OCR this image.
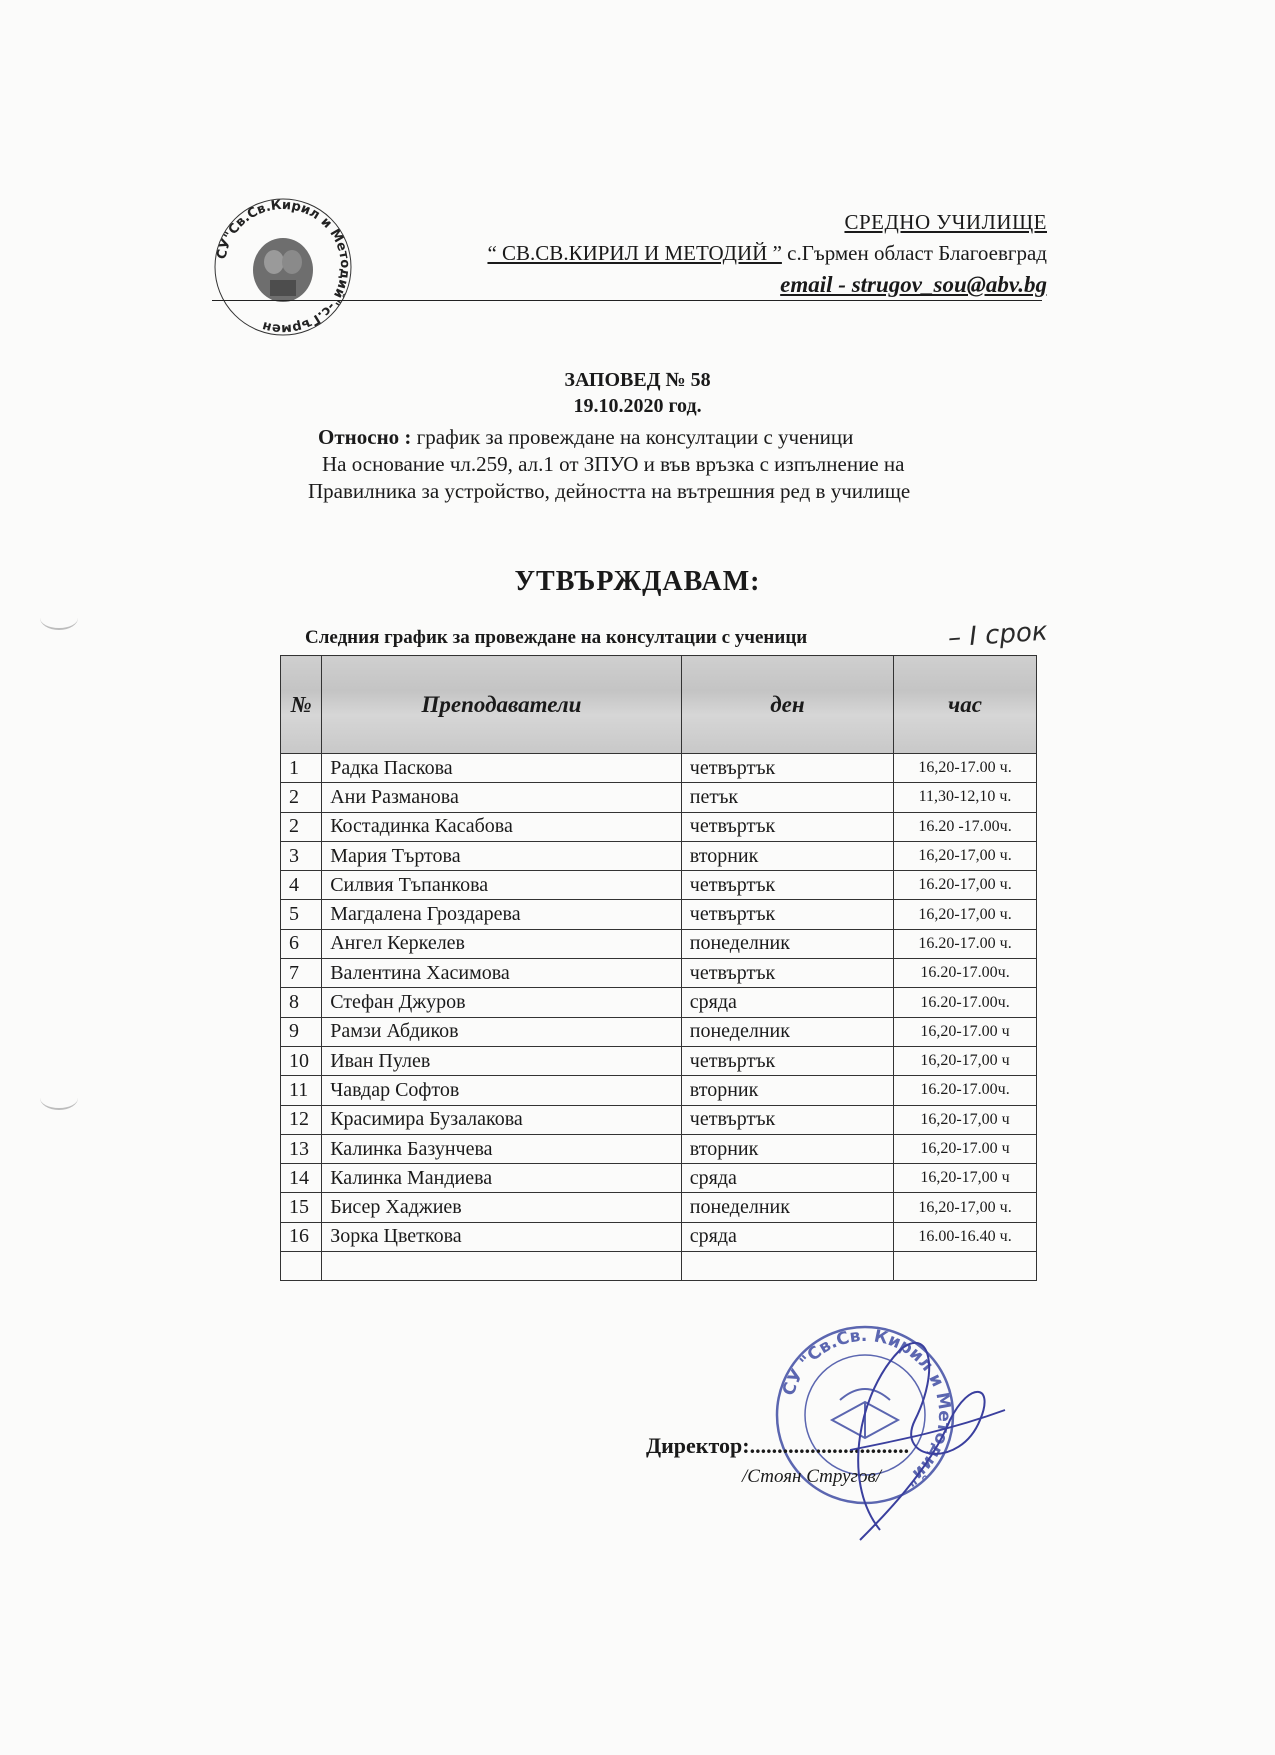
СУ"Св.Св.Кирил и Методий"-с.Гърмен
СРЕДНО УЧИЛИЩЕ
“ СВ.СВ.КИРИЛ И МЕТОДИЙ ” с.Гърмен област Благоевград
email - strugov_sou@abv.bg
ЗАПОВЕД № 58
19.10.2020 год.
Относно : график за провеждане на консултации с ученици
На основание чл.259, ал.1 от ЗПУО и във връзка с изпълнение на
Правилника за устройство, дейността на вътрешния ред в училище
УТВЪРЖДАВАМ:
Следния график за провеждане на консултации с ученици	– I срок
№	Преподаватели	ден	час
1	Радка Паскова	четвъртък	16,20-17.00 ч.
2	Ани Разманова	петък	11,30-12,10 ч.
2	Костадинка Касабова	четвъртък	16.20 -17.00ч.
3	Мария Търтова	вторник	16,20-17,00 ч.
4	Силвия Тъпанкова	четвъртък	16.20-17,00 ч.
5	Магдалена Гроздарева	четвъртък	16,20-17,00 ч.
6	Ангел Керкелев	понеделник	16.20-17.00 ч.
7	Валентина Хасимова	четвъртък	16.20-17.00ч.
8	Стефан Джуров	сряда	16.20-17.00ч.
9	Рамзи Абдиков	понеделник	16,20-17.00 ч
10	Иван Пулев	четвъртък	16,20-17,00 ч
11	Чавдар Софтов	вторник	16.20-17.00ч.
12	Красимира Бузалакова	четвъртък	16,20-17,00 ч
13	Калинка Базунчева	вторник	16,20-17.00 ч
14	Калинка Мандиева	сряда	16,20-17,00 ч
15	Бисер Хаджиев	понеделник	16,20-17,00 ч.
16	Зорка Цветкова	сряда	16.00-16.40 ч.

СУ "Св.Св. Кирил и Методий"
Директор:.............................
/Стоян Стругов/
